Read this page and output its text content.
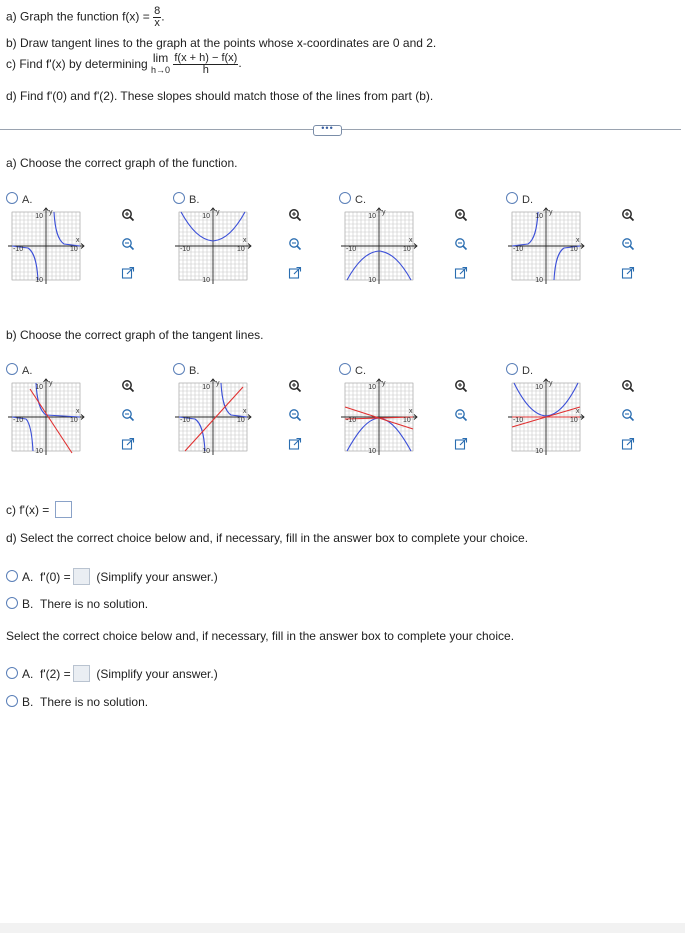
a) Graph the function $f(x) = \frac{8}{x}$ .
b) Draw tangent lines to the graph at the points whose x-coordinates are 0 and 2.
c) Find f'(x) by determining lim
h→0
$\frac{f(x + h) - f(x)}{h}$ .
d) Find f'(0) and f'(2). These slopes should match those of the lines from part (b).
•••
a) Choose the correct graph of the function.
A.
y
x
10
-10	10
10
B.
y
x
10
-10	10
10
C.
y
x
10
-10	10
10
D.
y
x
10
-10	10
10
b) Choose the correct graph of the tangent lines.
A.
y
x
10
-10	10
10
B.
y
x
10
-10	10
10
C.
y
x
10
-10	10
10
D.
y
x
10
-10	10
10
c) f'(x) =
d) Select the correct choice below and, if necessary, fill in the answer box to complete your choice.
A. f'(0) = (Simplify your answer.)
B. There is no solution.
Select the correct choice below and, if necessary, fill in the answer box to complete your choice.
A. f'(2) = (Simplify your answer.)
B. There is no solution.
